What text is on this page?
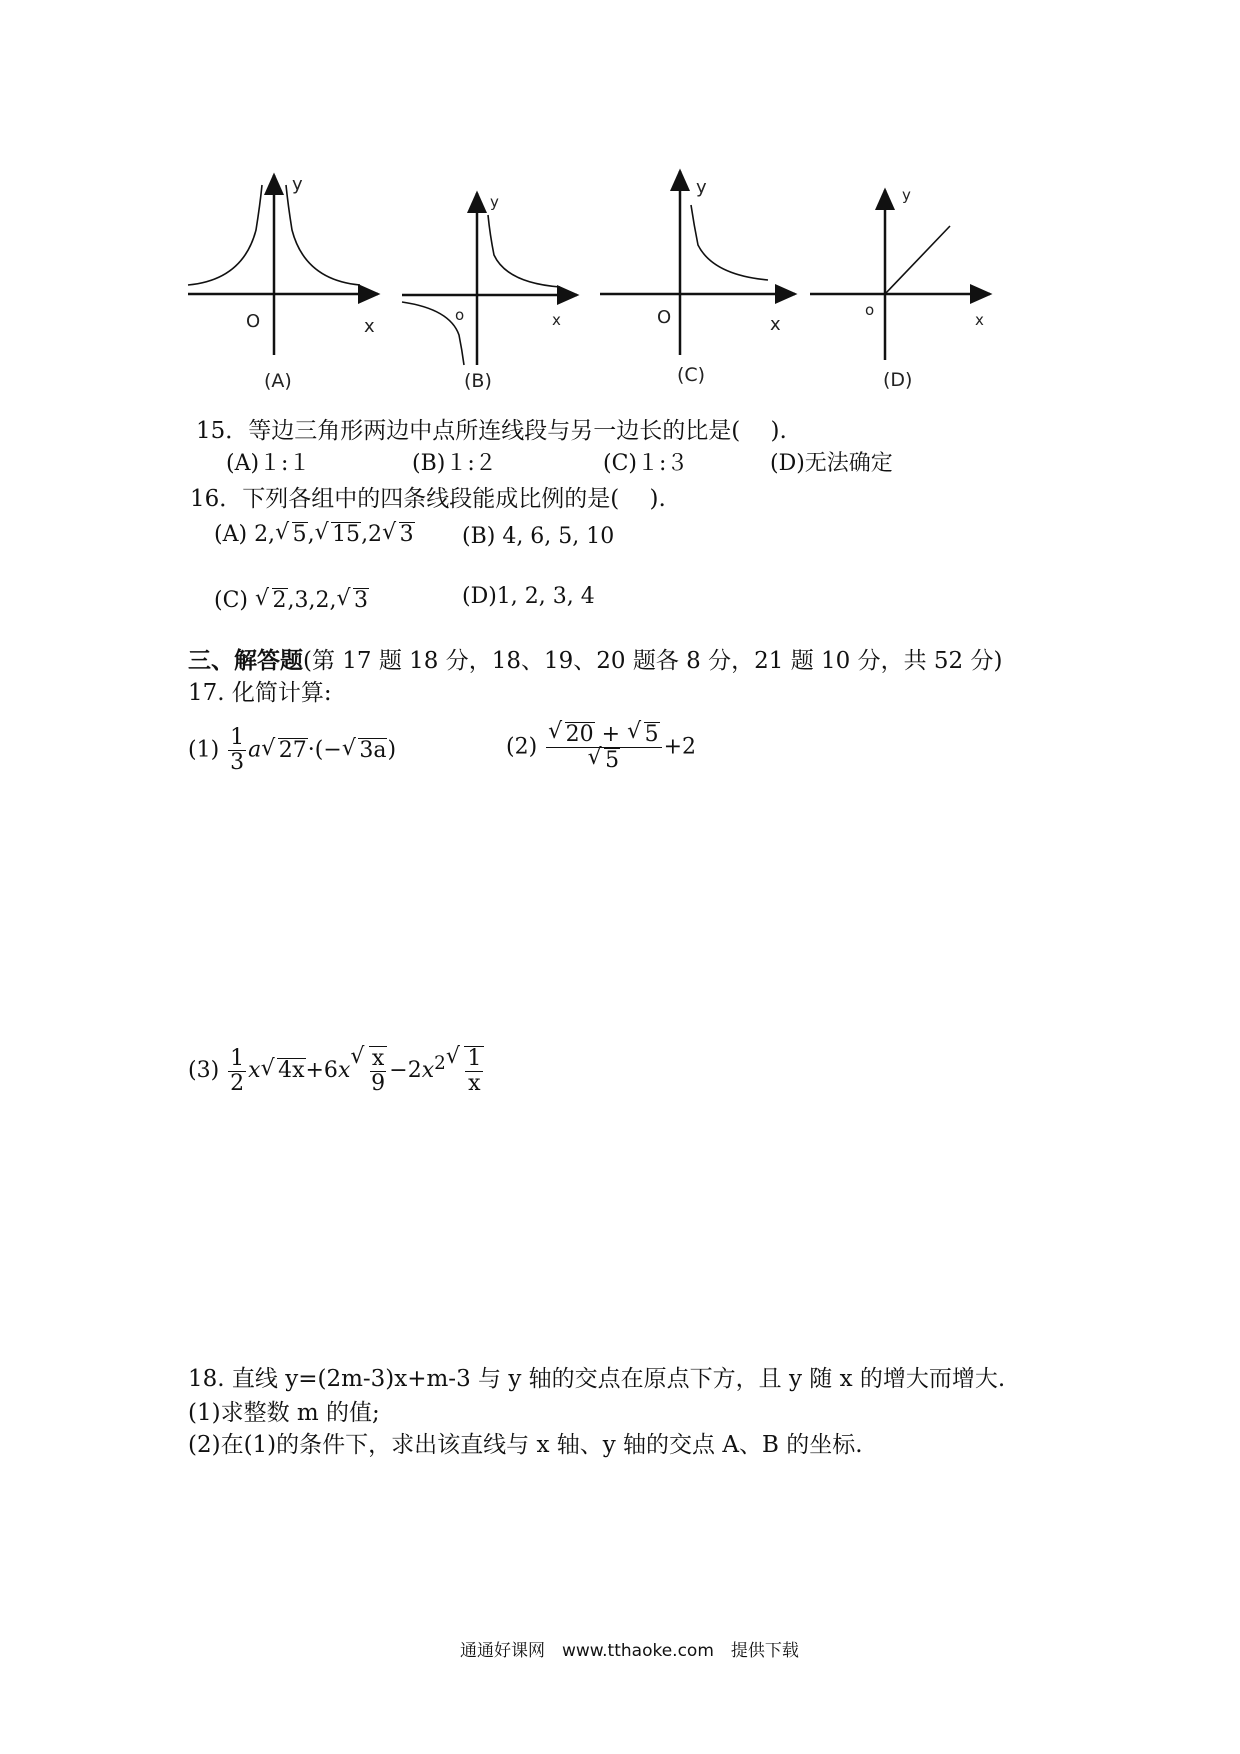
y
O	x
(A)
y
o	x
(B)
y
O	x
(C)
y
o
x
(D)
15．等边三角形两边中点所连线段与另一边长的比是(　 ).
(A)１:１	(B)１:２	(C)１:３	(D)无法确定
16．下列各组中的四条线段能成比例的是(　 ).
(A) 2,√ 5,√ 15,2√ 3 (B) 4, 6, 5, 10
(C) √ 2,3,2,√ 3	(D)1, 2, 3, 4
三、解答题(第 17 题 18 分，18、19、20 题各 8 分，21 题 10 分，共 52 分)
17. 化简计算:
$(1) \frac{1}{3} a√$ 27·(−√ 3a)	(2)
√ 20 + √ 5
√ 5 +2
$(3) \frac{1}{2} x√$ 4x+6x
√ $\frac{x}{9} -2x^2$
√ $\frac{1}{x}$
18. 直线 y=(2m-3)x+m-3 与 y 轴的交点在原点下方，且 y 随 x 的增大而增大.
(1)求整数 m 的值;
(2)在(1)的条件下，求出该直线与 x 轴、y 轴的交点 A、B 的坐标.
通通好课网　www.tthaoke.com　提供下载
